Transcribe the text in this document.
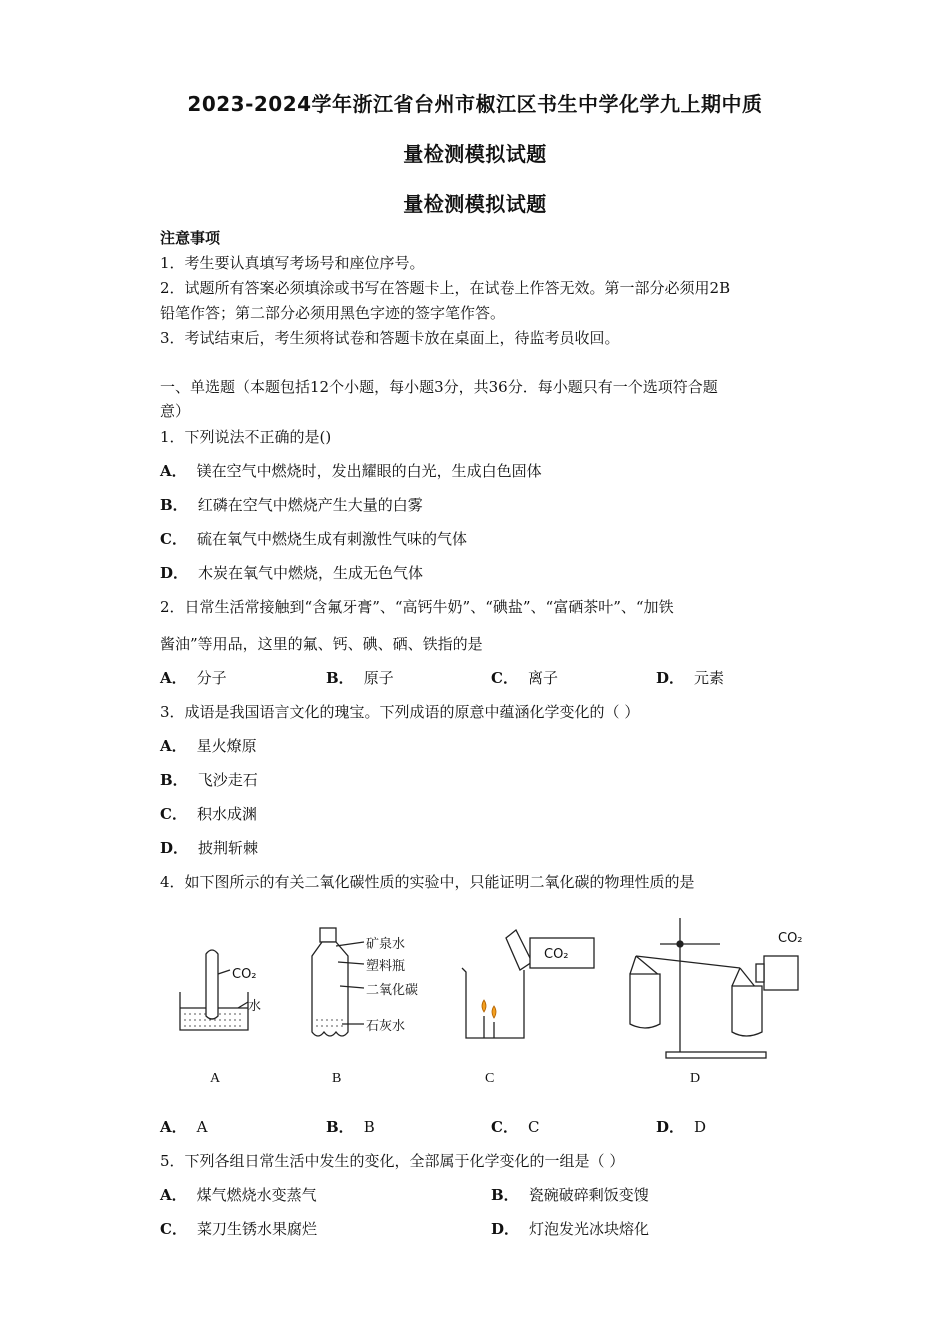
2023-2024学年浙江省台州市椒江区书生中学化学九上期中质
量检测模拟试题
量检测模拟试题
注意事项
1．考生要认真填写考场号和座位序号。
2．试题所有答案必须填涂或书写在答题卡上，在试卷上作答无效。第一部分必须用2B
铅笔作答；第二部分必须用黑色字迹的签字笔作答。
3．考试结束后，考生须将试卷和答题卡放在桌面上，待监考员收回。
一、单选题（本题包括12个小题，每小题3分，共36分．每小题只有一个选项符合题
意）
1．下列说法不正确的是()
A． 镁在空气中燃烧时，发出耀眼的白光，生成白色固体
B． 红磷在空气中燃烧产生大量的白雾
C． 硫在氧气中燃烧生成有刺激性气味的气体
D． 木炭在氧气中燃烧，生成无色气体
2．日常生活常接触到“含氟牙膏”、“高钙牛奶”、“碘盐”、“富硒茶叶”、“加铁
酱油”等用品，这里的氟、钙、碘、硒、铁指的是
A． 分子	B． 原子	C． 离子	D． 元素
3．成语是我国语言文化的瑰宝。下列成语的原意中蕴涵化学变化的（ ）
A． 星火燎原
B． 飞沙走石
C． 积水成渊
D． 披荆斩棘
4．如下图所示的有关二氧化碳性质的实验中，只能证明二氧化碳的物理性质的是
CO₂
水
矿泉水
塑料瓶
二氧化碳
石灰水
CO₂
CO₂
A	B	C	D
A． A	B． B	C． C	D． D
5．下列各组日常生活中发生的变化，全部属于化学变化的一组是（ ）
A． 煤气燃烧水变蒸气	B． 瓷碗破碎剩饭变馊
C． 菜刀生锈水果腐烂	D． 灯泡发光冰块熔化
